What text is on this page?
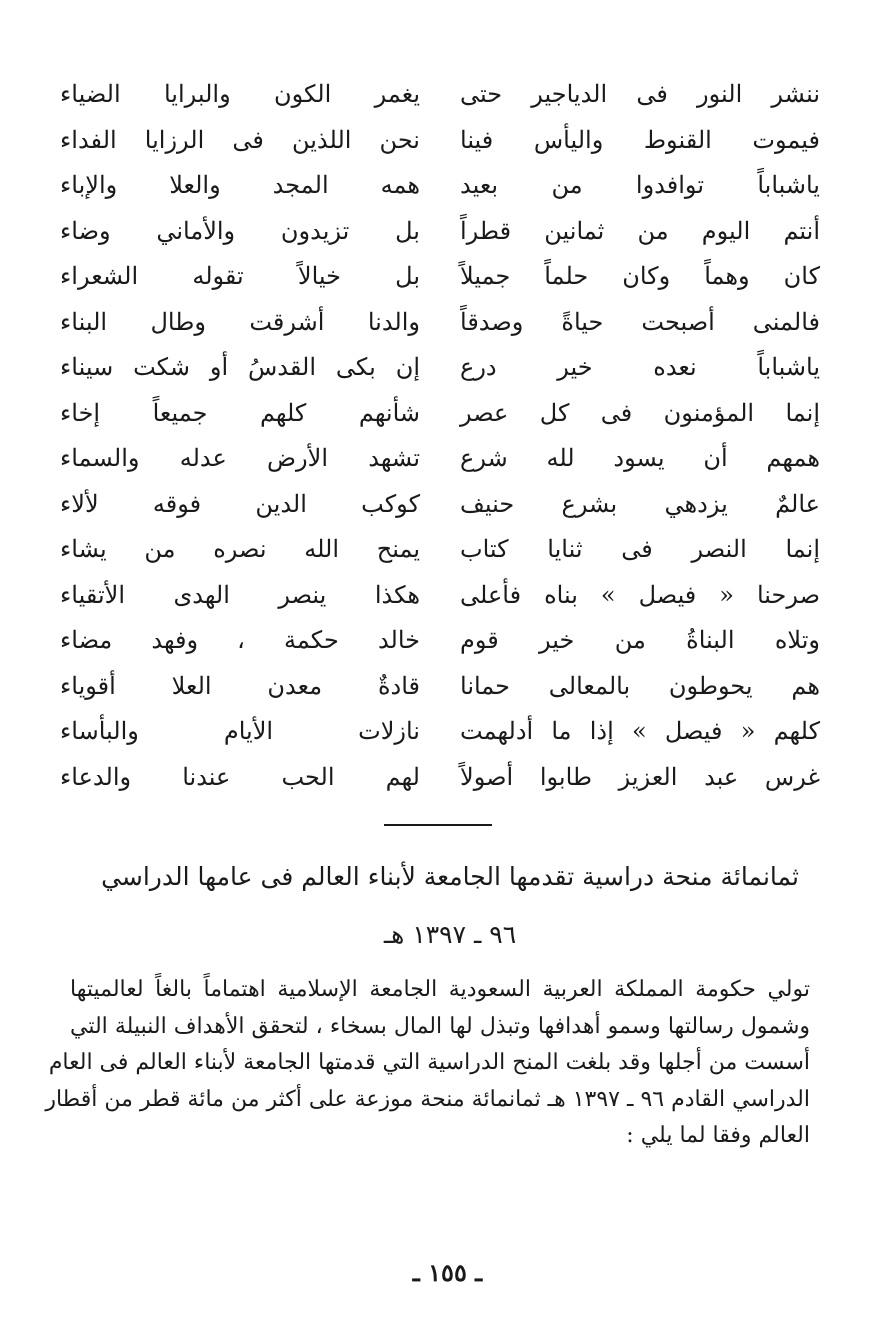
ننشر النور فى الدياجير حتى
فيموت القنوط واليأس فينا
ياشباباً توافدوا من بعيد
أنتم اليوم من ثمانين قطراً
كان وهماً وكان حلماً جميلاً
فالمنى أصبحت حياةً وصدقاً
ياشباباً نعده خير درع
إنما المؤمنون فى كل عصر
همهم أن يسود لله شرع
عالمٌ يزدهي بشرع حنيف
إنما النصر فى ثنايا كتاب
صرحنا « فيصل » بناه فأعلى
وتلاه البناةُ من خير قوم
هم يحوطون بالمعالى حمانا
كلهم « فيصل » إذا ما أدلهمت
غرس عبد العزيز طابوا أصولاً
يغمر الكون والبرايا الضياء
نحن اللذين فى الرزايا الفداء
همه المجد والعلا والإباء
بل تزيدون والأماني وضاء
بل خيالاً تقوله الشعراء
والدنا أشرقت وطال البناء
إن بكى القدسُ أو شكت سيناء
شأنهم كلهم جميعاً إخاء
تشهد الأرض عدله والسماء
كوكب الدين فوقه لألاء
يمنح الله نصره من يشاء
هكذا ينصر الهدى الأتقياء
خالد حكمة ، وفهد مضاء
قادةٌ معدن العلا أقوياء
نازلات الأيام والبأساء
لهم الحب عندنا والدعاء
ثمانمائة منحة دراسية تقدمها الجامعة لأبناء العالم فى عامها الدراسي
٩٦ ـ ١٣٩٧ هـ
تولي حكومة المملكة العربية السعودية الجامعة الإسلامية اهتماماً بالغاً لعالميتها
وشمول رسالتها وسمو أهدافها وتبذل لها المال بسخاء ، لتحقق الأهداف النبيلة التي
أسست من أجلها وقد بلغت المنح الدراسية التي قدمتها الجامعة لأبناء العالم فى العام
الدراسي القادم ٩٦ ـ ١٣٩٧ هـ ثمانمائة منحة موزعة على أكثر من مائة قطر من أقطار
العالم وفقا لما يلي :
ـ ١٥٥ ـ
